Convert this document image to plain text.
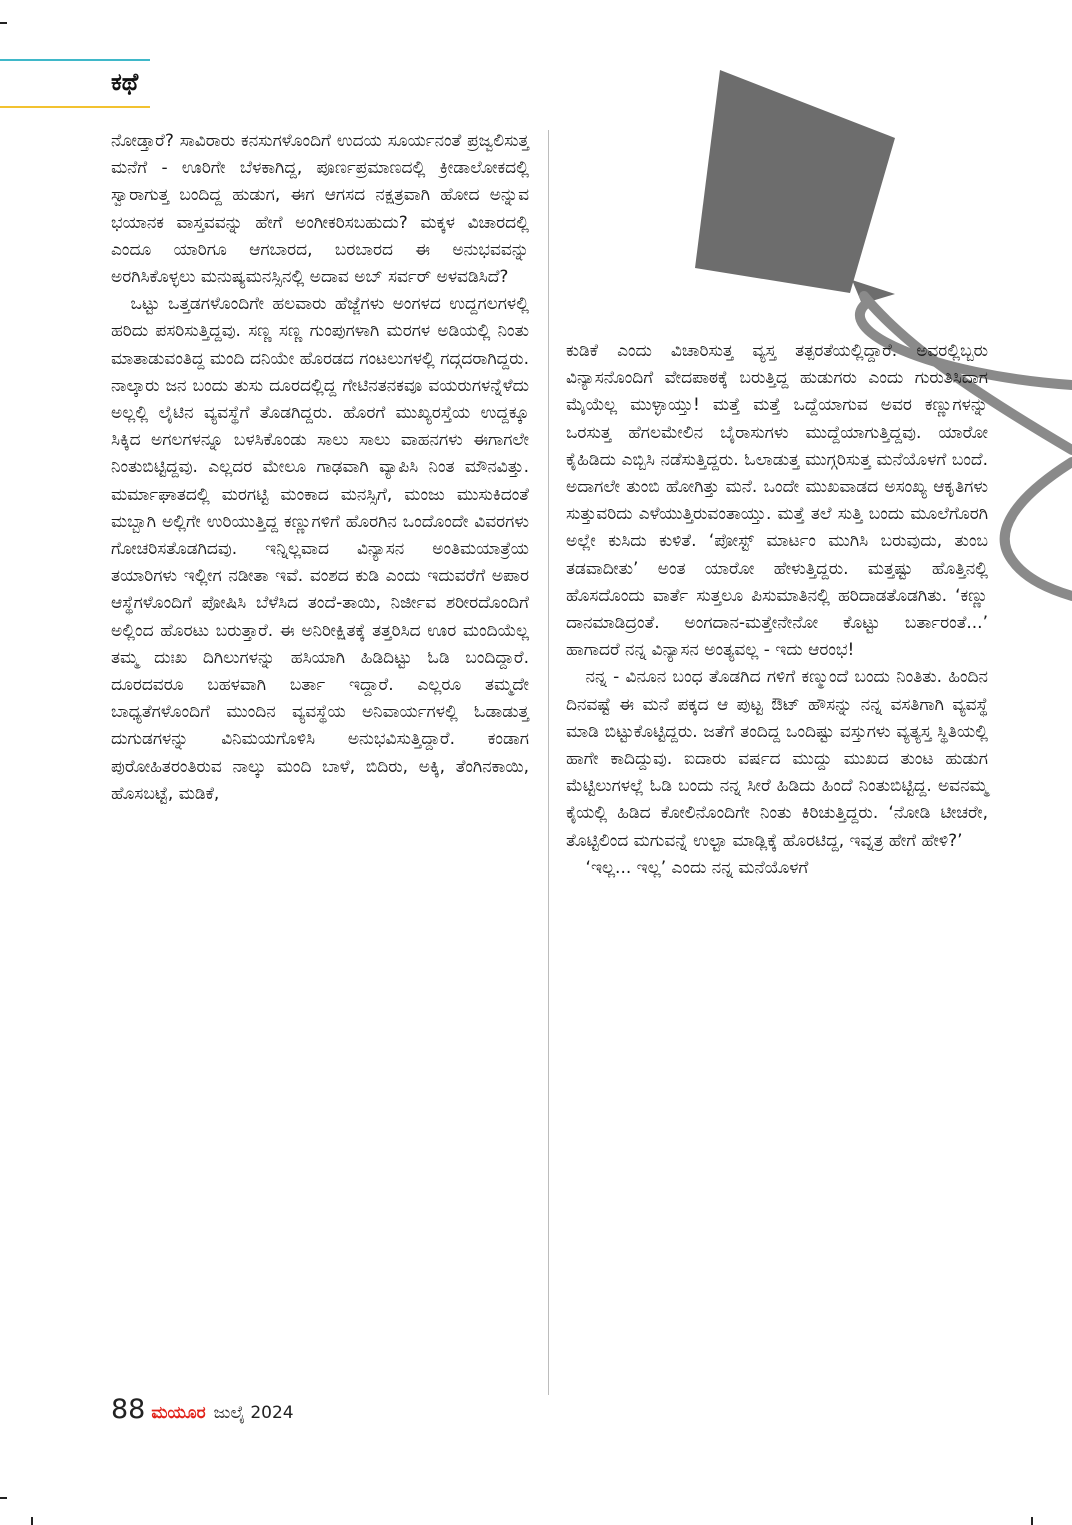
ಕಥೆ

ನೋಡ್ತಾರೆ? ಸಾವಿರಾರು ಕನಸುಗಳೊಂದಿಗೆ ಉದಯ ಸೂರ್ಯನಂತೆ ಪ್ರಜ್ವಲಿಸುತ್ತ ಮನೆಗೆ - ಊರಿಗೇ ಬೆಳಕಾಗಿದ್ದ, ಪೂರ್ಣಪ್ರಮಾಣದಲ್ಲಿ ಕ್ರೀಡಾಲೋಕದಲ್ಲಿ ಸ್ವಾರಾಗುತ್ತ ಬಂದಿದ್ದ ಹುಡುಗ, ಈಗ ಆಗಸದ ನಕ್ಷತ್ರವಾಗಿ ಹೋದ ಅನ್ನುವ ಭಯಾನಕ ವಾಸ್ತವವನ್ನು ಹೇಗೆ ಅಂಗೀಕರಿಸಬಹುದು? ಮಕ್ಕಳ ವಿಚಾರದಲ್ಲಿ ಎಂದೂ ಯಾರಿಗೂ ಆಗಬಾರದ, ಬರಬಾರದ ಈ ಅನುಭವವನ್ನು ಅರಗಿಸಿಕೊಳ್ಳಲು ಮನುಷ್ಯಮನಸ್ಸಿನಲ್ಲಿ ಅದಾವ ಅಬ್ ಸರ್ವರ್ ಅಳವಡಿಸಿದೆ?

ಒಟ್ಟು ಒತ್ತಡಗಳೊಂದಿಗೇ ಹಲವಾರು ಹೆಜ್ಜೆಗಳು ಅಂಗಳದ ಉದ್ದಗಲಗಳಲ್ಲಿ ಹರಿದು ಪಸರಿಸುತ್ತಿದ್ದವು. ಸಣ್ಣ ಸಣ್ಣ ಗುಂಪುಗಳಾಗಿ ಮರಗಳ ಅಡಿಯಲ್ಲಿ ನಿಂತು ಮಾತಾಡುವಂತಿದ್ದ ಮಂದಿ ದನಿಯೇ ಹೊರಡದ ಗಂಟಲುಗಳಲ್ಲಿ ಗದ್ಗದರಾಗಿದ್ದರು. ನಾಲ್ಕಾರು ಜನ ಬಂದು ತುಸು ದೂರದಲ್ಲಿದ್ದ ಗೇಟಿನತನಕವೂ ವಯರುಗಳನ್ನೆಳೆದು ಅಲ್ಲಲ್ಲಿ ಲೈಟಿನ ವ್ಯವಸ್ಥೆಗೆ ತೊಡಗಿದ್ದರು. ಹೊರಗೆ ಮುಖ್ಯರಸ್ತೆಯ ಉದ್ದಕ್ಕೂ ಸಿಕ್ಕಿದ ಅಗಲಗಳನ್ನೂ ಬಳಸಿಕೊಂಡು ಸಾಲು ಸಾಲು ವಾಹನಗಳು ಈಗಾಗಲೇ ನಿಂತುಬಿಟ್ಟಿದ್ದವು. ಎಲ್ಲದರ ಮೇಲೂ ಗಾಢವಾಗಿ ವ್ಯಾಪಿಸಿ ನಿಂತ ಮೌನವಿತ್ತು. ಮರ್ಮಾಘಾತದಲ್ಲಿ ಮರಗಟ್ಟಿ ಮಂಕಾದ ಮನಸ್ಸಿಗೆ, ಮಂಜು ಮುಸುಕಿದಂತೆ ಮಬ್ಬಾಗಿ ಅಲ್ಲಿಗೇ ಉರಿಯುತ್ತಿದ್ದ ಕಣ್ಣುಗಳಿಗೆ ಹೊರಗಿನ ಒಂದೊಂದೇ ವಿವರಗಳು ಗೋಚರಿಸತೊಡಗಿದವು. ಇನ್ನಿಲ್ಲವಾದ ವಿನ್ಯಾಸನ ಅಂತಿಮಯಾತ್ರೆಯ ತಯಾರಿಗಳು ಇಲ್ಲೀಗ ನಡೀತಾ ಇವೆ. ವಂಶದ ಕುಡಿ ಎಂದು ಇದುವರೆಗೆ ಅಪಾರ ಆಸ್ಥೆಗಳೊಂದಿಗೆ ಪೋಷಿಸಿ ಬೆಳೆಸಿದ ತಂದೆ-ತಾಯಿ, ನಿರ್ಜೀವ ಶರೀರದೊಂದಿಗೆ ಅಲ್ಲಿಂದ ಹೊರಟು ಬರುತ್ತಾರೆ. ಈ ಅನಿರೀಕ್ಷಿತಕ್ಕೆ ತತ್ತರಿಸಿದ ಊರ ಮಂದಿಯೆಲ್ಲ ತಮ್ಮ ದುಃಖ ದಿಗಿಲುಗಳನ್ನು ಹಸಿಯಾಗಿ ಹಿಡಿದಿಟ್ಟು ಓಡಿ ಬಂದಿದ್ದಾರೆ. ದೂರದವರೂ ಬಹಳವಾಗಿ ಬರ್ತಾ ಇದ್ದಾರೆ. ಎಲ್ಲರೂ ತಮ್ಮದೇ ಬಾಧ್ಯತೆಗಳೊಂದಿಗೆ ಮುಂದಿನ ವ್ಯವಸ್ಥೆಯ ಅನಿವಾರ್ಯಗಳಲ್ಲಿ ಓಡಾಡುತ್ತ ದುಗುಡಗಳನ್ನು ವಿನಿಮಯಗೊಳಿಸಿ ಅನುಭವಿಸುತ್ತಿದ್ದಾರೆ. ಕಂಡಾಗ ಪುರೋಹಿತರಂತಿರುವ ನಾಲ್ಕು ಮಂದಿ ಬಾಳೆ, ಬಿದಿರು, ಅಕ್ಕಿ, ತೆಂಗಿನಕಾಯಿ, ಹೊಸಬಟ್ಟೆ, ಮಡಿಕೆ,

ಕುಡಿಕೆ ಎಂದು ವಿಚಾರಿಸುತ್ತ ವ್ಯಸ್ತ ತತ್ಪರತೆಯಲ್ಲಿದ್ದಾರೆ. ಅವರಲ್ಲಿಬ್ಬರು ವಿನ್ಯಾಸನೊಂದಿಗೆ ವೇದಪಾಠಕ್ಕೆ ಬರುತ್ತಿದ್ದ ಹುಡುಗರು ಎಂದು ಗುರುತಿಸಿದಾಗ ಮೈಯೆಲ್ಲ ಮುಳ್ಳಾಯ್ತು! ಮತ್ತೆ ಮತ್ತೆ ಒದ್ದೆಯಾಗುವ ಅವರ ಕಣ್ಣುಗಳನ್ನು ಒರಸುತ್ತ ಹೆಗಲಮೇಲಿನ ಬೈರಾಸುಗಳು ಮುದ್ದೆಯಾಗುತ್ತಿದ್ದವು. ಯಾರೋ ಕೈಹಿಡಿದು ಎಬ್ಬಿಸಿ ನಡೆಸುತ್ತಿದ್ದರು. ಓಲಾಡುತ್ತ ಮುಗ್ಗರಿಸುತ್ತ ಮನೆಯೊಳಗೆ ಬಂದೆ. ಅದಾಗಲೇ ತುಂಬಿ ಹೋಗಿತ್ತು ಮನೆ. ಒಂದೇ ಮುಖವಾಡದ ಅಸಂಖ್ಯ ಆಕೃತಿಗಳು ಸುತ್ತುವರಿದು ಎಳೆಯುತ್ತಿರುವಂತಾಯ್ತು. ಮತ್ತೆ ತಲೆ ಸುತ್ತಿ ಬಂದು ಮೂಲೆಗೊರಗಿ ಅಲ್ಲೇ ಕುಸಿದು ಕುಳಿತೆ. ‘ಪೋಸ್ಟ್ ಮಾರ್ಟಂ ಮುಗಿಸಿ ಬರುವುದು, ತುಂಬ ತಡವಾದೀತು’ ಅಂತ ಯಾರೋ ಹೇಳುತ್ತಿದ್ದರು. ಮತ್ತಷ್ಟು ಹೊತ್ತಿನಲ್ಲಿ ಹೊಸದೊಂದು ವಾರ್ತೆ ಸುತ್ತಲೂ ಪಿಸುಮಾತಿನಲ್ಲಿ ಹರಿದಾಡತೊಡಗಿತು. ‘ಕಣ್ಣು ದಾನಮಾಡಿದ್ರಂತೆ. ಅಂಗದಾನ-ಮತ್ತೇನೇನೋ ಕೊಟ್ಟು ಬರ್ತಾರಂತೆ...’ ಹಾಗಾದರೆ ನನ್ನ ವಿನ್ಯಾಸನ ಅಂತ್ಯವಲ್ಲ - ಇದು ಆರಂಭ!

ನನ್ನ - ವಿನೂನ ಬಂಧ ತೊಡಗಿದ ಗಳಿಗೆ ಕಣ್ಮುಂದೆ ಬಂದು ನಿಂತಿತು. ಹಿಂದಿನ ದಿನವಷ್ಟೆ ಈ ಮನೆ ಪಕ್ಕದ ಆ ಪುಟ್ಟ ಔಟ್ ಹೌಸನ್ನು ನನ್ನ ವಸತಿಗಾಗಿ ವ್ಯವಸ್ಥೆ ಮಾಡಿ ಬಿಟ್ಟುಕೊಟ್ಟಿದ್ದರು. ಜತೆಗೆ ತಂದಿದ್ದ ಒಂದಿಷ್ಟು ವಸ್ತುಗಳು ವ್ಯತ್ಯಸ್ತ ಸ್ಥಿತಿಯಲ್ಲಿ ಹಾಗೇ ಕಾದಿದ್ದುವು. ಐದಾರು ವರ್ಷದ ಮುದ್ದು ಮುಖದ ತುಂಟ ಹುಡುಗ ಮೆಟ್ಟಿಲುಗಳಲ್ಲೆ ಓಡಿ ಬಂದು ನನ್ನ ಸೀರೆ ಹಿಡಿದು ಹಿಂದೆ ನಿಂತುಬಿಟ್ಟಿದ್ದ. ಅವನಮ್ಮ ಕೈಯಲ್ಲಿ ಹಿಡಿದ ಕೋಲಿನೊಂದಿಗೇ ನಿಂತು ಕಿರಿಚುತ್ತಿದ್ದರು. ‘ನೋಡಿ ಟೀಚರೇ, ತೊಟ್ಟಿಲಿಂದ ಮಗುವನ್ನೆ ಉಲ್ಟಾ ಮಾಡ್ಲಿಕ್ಕೆ ಹೊರಟಿದ್ದ, ಇವ್ನತ್ರ ಹೇಗೆ ಹೇಳಿ?’

‘ಇಲ್ಲ... ಇಲ್ಲ’ ಎಂದು ನನ್ನ ಮನೆಯೊಳಗೆ

88 ಮಯೂರ ಜುಲೈ 2024
